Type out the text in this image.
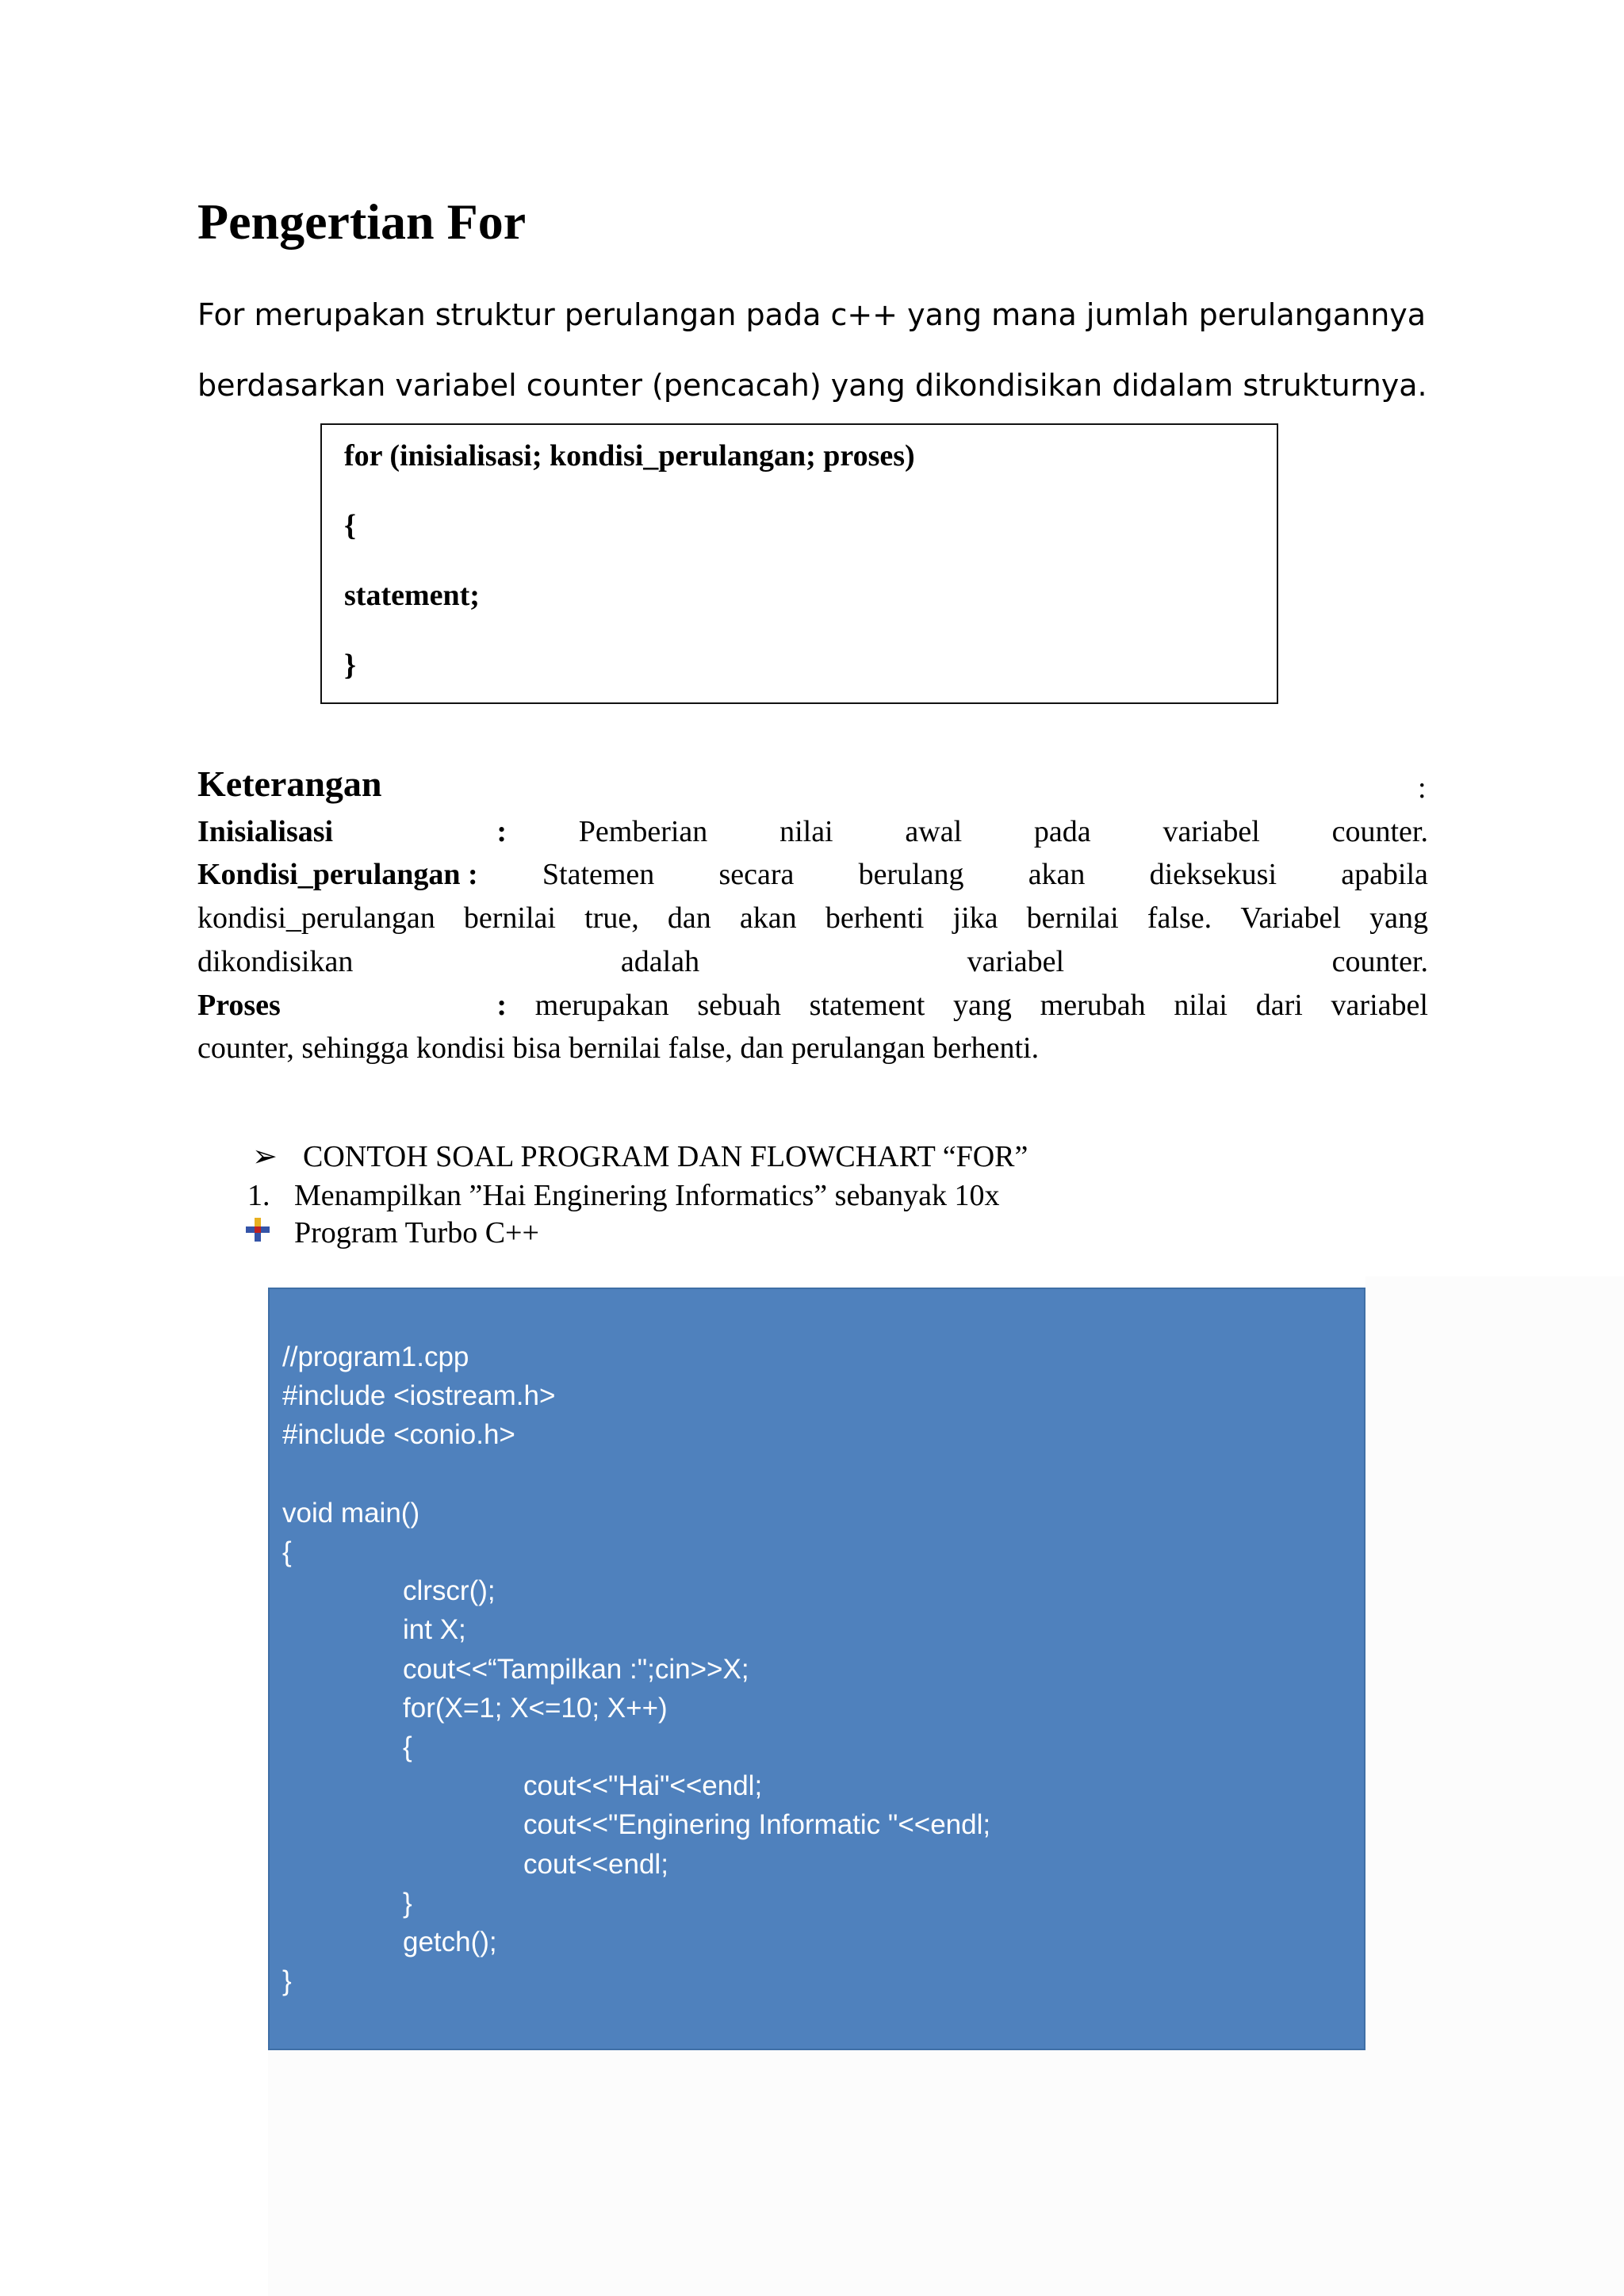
Pengertian For

For merupakan struktur perulangan pada c++ yang mana jumlah perulangannya

berdasarkan variabel counter (pencacah) yang dikondisikan didalam strukturnya.

for (inisialisasi; kondisi_perulangan; proses)

{

statement;

}

Keterangan	:
Inisialisasi	: Pemberian nilai awal pada variabel counter.
Kondisi_perulangan : Statemen secara berulang akan dieksekusi apabila
kondisi_perulangan bernilai true, dan akan berhenti jika bernilai false. Variabel yang
dikondisikan	adalah	variabel	counter.
Proses	: merupakan sebuah statement yang merubah nilai dari variabel
counter, sehingga kondisi bisa bernilai false, dan perulangan berhenti.
➢ CONTOH SOAL PROGRAM DAN FLOWCHART “FOR”
1. Menampilkan ”Hai Enginering Informatics” sebanyak 10x
Program Turbo C++

//program1.cpp

#include <iostream.h>

#include <conio.h>

void main()

{

clrscr();

int X;

cout<<“Tampilkan :";cin>>X;

for(X=1; X<=10; X++)

{

cout<<"Hai"<<endl;

cout<<"Enginering Informatic "<<endl;

cout<<endl;

}

getch();

}
